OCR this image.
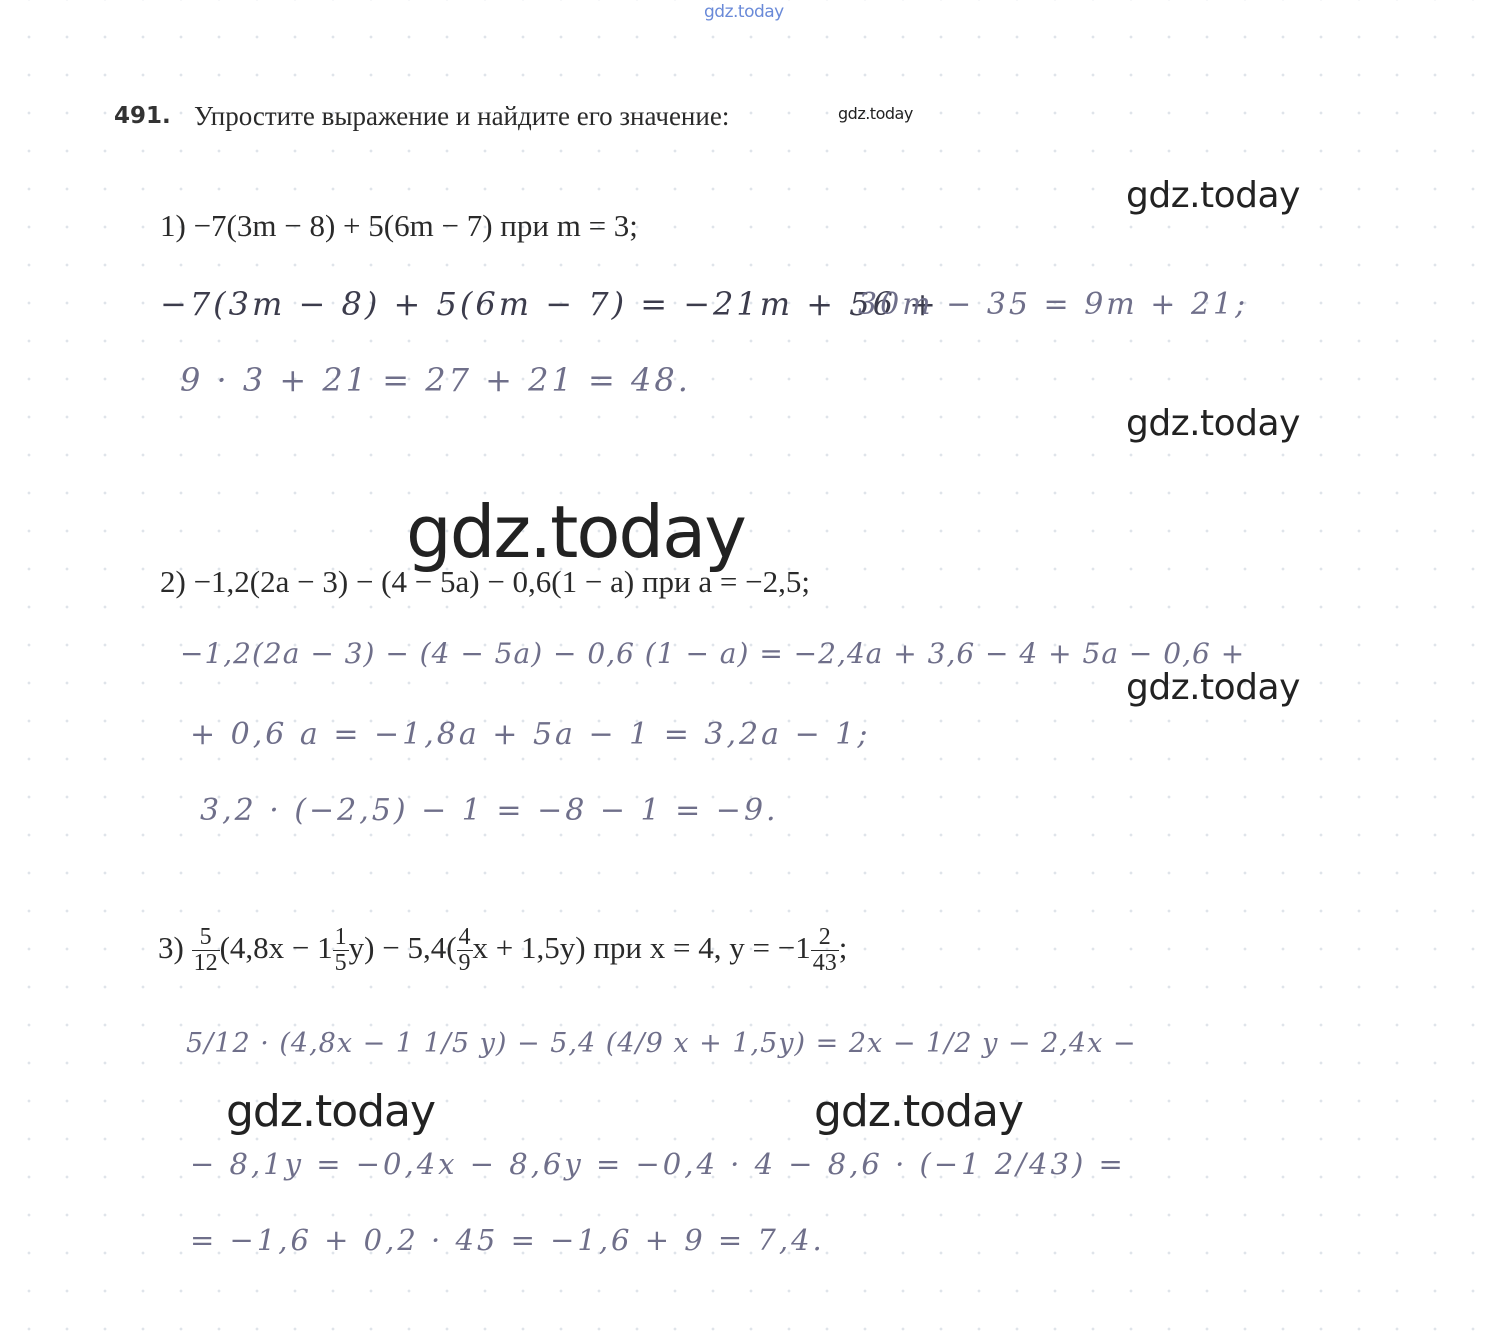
gdz.today
491. Упростите выражение и найдите его значение:	gdz.today
gdz.today
1) −7(3m − 8) + 5(6m − 7) при m = 3;
−7(3m − 8) + 5(6m − 7) = −21m + 56 +
30m − 35 = 9m + 21;
9 · 3 + 21 = 27 + 21 = 48.
gdz.today
gdz.today
2) −1,2(2a − 3) − (4 − 5a) − 0,6(1 − a) при a = −2,5;
−1,2(2a − 3) − (4 − 5a) − 0,6 (1 − a) = −2,4a + 3,6 − 4 + 5a − 0,6 +
gdz.today
+ 0,6 a = −1,8a + 5a − 1 = 3,2a − 1;
3,2 · (−2,5) − 1 = −8 − 1 = −9.
$3) \frac{5}{12} (4,8x - 1 \frac{1}{5} y) - 5,4( \frac{4}{9}$ x + 1,5y) при x = 4, $y = -1 \frac{2}{43}$ ;
5/12 · (4,8x − 1 1/5 y) − 5,4 (4/9 x + 1,5y) = 2x − 1/2 y − 2,4x −
gdz.today	gdz.today
− 8,1y = −0,4x − 8,6y = −0,4 · 4 − 8,6 · (−1 2/43) =
= −1,6 + 0,2 · 45 = −1,6 + 9 = 7,4.
